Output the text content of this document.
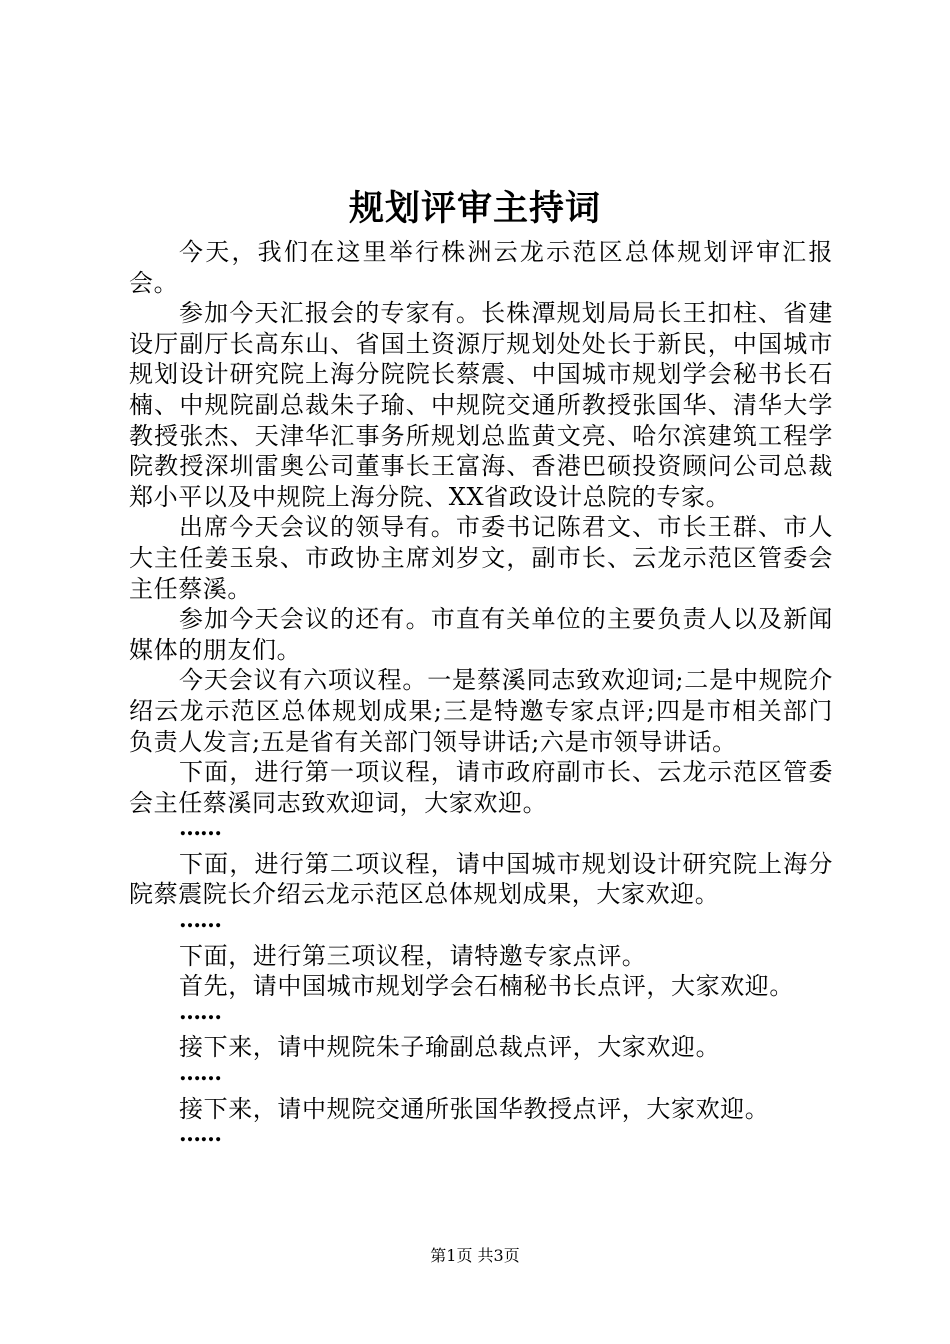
规划评审主持词

今天，我们在这里举行株洲云龙示范区总体规划评审汇报会。

参加今天汇报会的专家有。长株潭规划局局长王扣柱、省建设厅副厅长高东山、省国土资源厅规划处处长于新民，中国城市规划设计研究院上海分院院长蔡震、中国城市规划学会秘书长石楠、中规院副总裁朱子瑜、中规院交通所教授张国华、清华大学教授张杰、天津华汇事务所规划总监黄文亮、哈尔滨建筑工程学院教授深圳雷奥公司董事长王富海、香港巴硕投资顾问公司总裁郑小平以及中规院上海分院、XX省政设计总院的专家。

出席今天会议的领导有。市委书记陈君文、市长王群、市人大主任姜玉泉、市政协主席刘岁文，副市长、云龙示范区管委会主任蔡溪。

参加今天会议的还有。市直有关单位的主要负责人以及新闻媒体的朋友们。

今天会议有六项议程。一是蔡溪同志致欢迎词;二是中规院介绍云龙示范区总体规划成果;三是特邀专家点评;四是市相关部门负责人发言;五是省有关部门领导讲话;六是市领导讲话。

下面，进行第一项议程，请市政府副市长、云龙示范区管委会主任蔡溪同志致欢迎词，大家欢迎。

……

下面，进行第二项议程，请中国城市规划设计研究院上海分院蔡震院长介绍云龙示范区总体规划成果，大家欢迎。

……

下面，进行第三项议程，请特邀专家点评。

首先，请中国城市规划学会石楠秘书长点评，大家欢迎。

……

接下来，请中规院朱子瑜副总裁点评，大家欢迎。

……

接下来，请中规院交通所张国华教授点评，大家欢迎。

……

第1页 共3页
